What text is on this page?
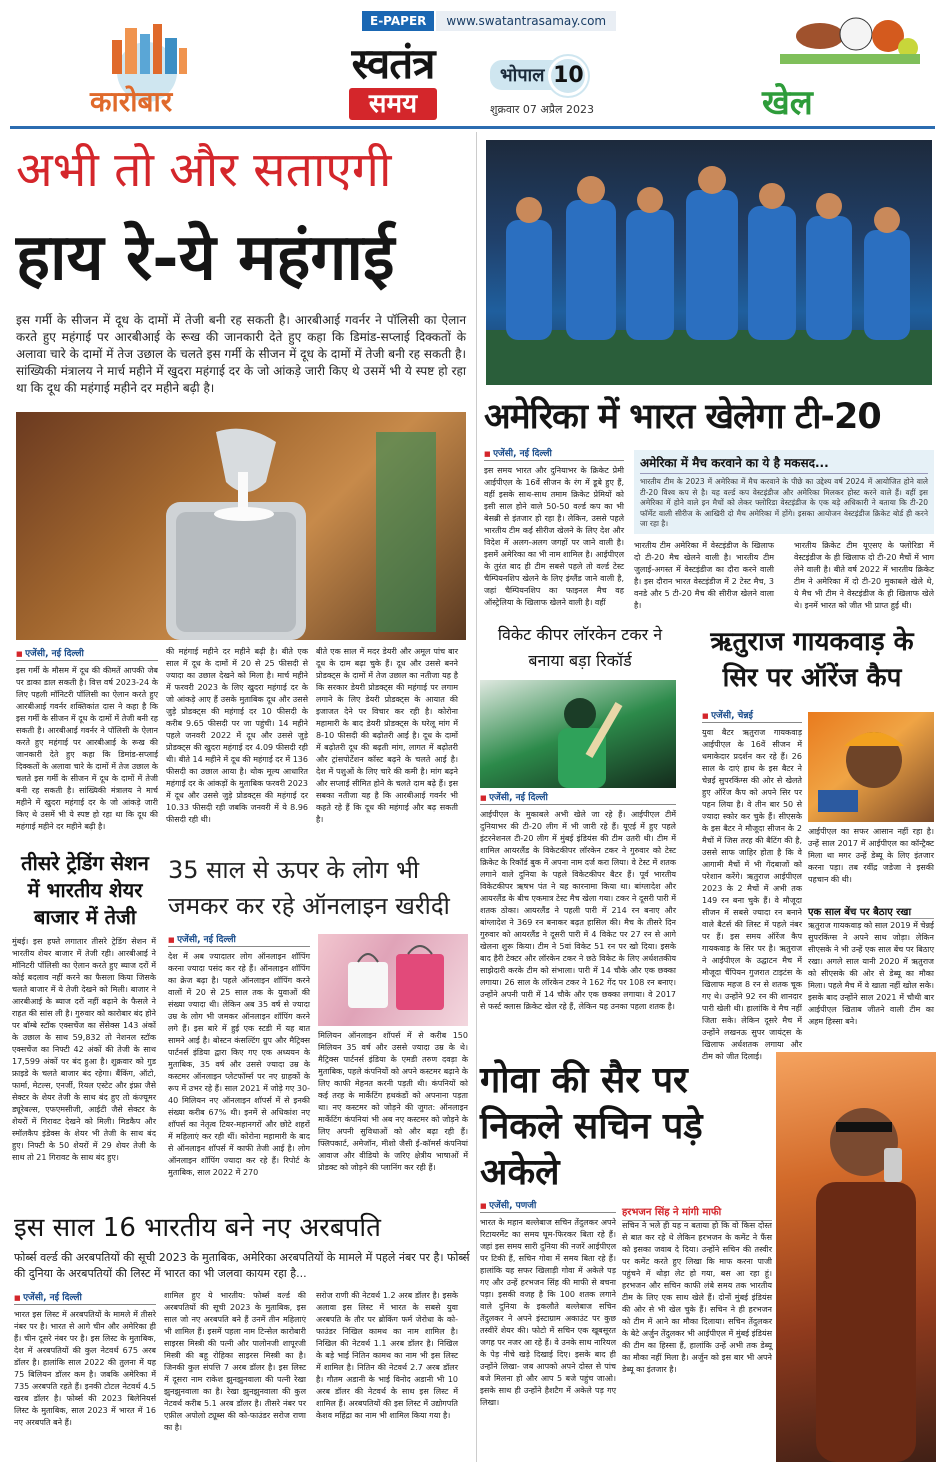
कारोबार
E-PAPER	www.swatantrasamay.com
स्वतंत्र
समय
भोपाल 10
शुक्रवार 07 अप्रैल 2023	खेल
अभी तो और सताएगी
हाय रे-ये महंगाई
इस गर्मी के सीजन में दूध के दामों में तेजी बनी रह सकती है। आरबीआई गवर्नर ने पॉलिसी का ऐलान करते हुए महंगाई पर आरबीआई के रूख की जानकारी देते हुए कहा कि डिमांड-सप्लाई दिक्कतों के अलावा चारे के दामों में तेज उछाल के चलते इस गर्मी के सीजन में दूध के दामों में तेजी बनी रह सकती है। सांख्यिकी मंत्रालय ने मार्च महीने में खुदरा महंगाई दर के जो आंकड़े जारी किए थे उसमें भी ये स्पष्ट हो रहा था कि दूध की महंगाई महीने दर महीने बढ़ी है।
■ एजेंसी, नई दिल्ली
इस गर्मी के मौसम में दूध की कीमतें आपकी जेब पर डाका डाल सकती है। वित्त वर्ष 2023-24 के लिए पहली मॉनिटरी पॉलिसी का ऐलान करते हुए आरबीआई गवर्नर शक्तिकांत दास ने कहा है कि इस गर्मी के सीजन में दूध के दामों में तेजी बनी रह सकती है। आरबीआई गवर्नर ने पॉलिसी के ऐलान करते हुए महंगाई पर आरबीआई के रूख की जानकारी देते हुए कहा कि डिमांड-सप्लाई दिक्कतों के अलावा चारे के दामों में तेज उछाल के चलते इस गर्मी के सीजन में दूध के दामों में तेजी बनी रह सकती है। सांख्यिकी मंत्रालय ने मार्च महीने में खुदरा महंगाई दर के जो आंकड़े जारी किए थे उसमें भी ये स्पष्ट हो रहा था कि दूध की महंगाई महीने दर महीने बढ़ी है।
की महंगाई महीने दर महीने बढ़ी है। बीते एक साल में दूध के दामों में 20 से 25 फीसदी से ज्यादा का उछाल देखने को मिला है। मार्च महीने में फरवरी 2023 के लिए खुदरा महंगाई दर के जो आंकड़े आए हैं उसके मुताबिक दूध और उससे जुड़े प्रोडक्ट्स की महंगाई दर 10 फीसदी के करीब 9.65 फीसदी पर जा पहुंची। 14 महीने पहले जनवरी 2022 में दूध और उससे जुड़े प्रोडक्ट्स की खुदरा महंगाई दर 4.09 फीसदी रही थी। बीते 14 महीने में दूध की महंगाई दर में 136 फीसदी का उछाल आया है। थोक मूल्य आधारित महंगाई दर के आंकड़ों के मुताबिक फरवरी 2023 में दूध और उससे जुड़े प्रोडक्ट्स की महंगाई दर 10.33 फीसदी रही जबकि जनवरी में ये 8.96 फीसदी रही थी।
बीते एक साल में मदर डेयरी और अमूल पांच बार दूध के दाम बढ़ा चुके हैं। दूध और उससे बनने प्रोडक्ट्स के दामों में तेज उछाल का नतीजा यह है कि सरकार डेयरी प्रोडक्ट्स की महंगाई पर लगाम लगाने के लिए डेयरी प्रोडक्ट्स के आयात की इजाजत देने पर विचार कर रही है। कोरोना महामारी के बाद डेयरी प्रोडक्ट्स के घरेलू मांग में 8-10 फीसदी की बढ़ोतरी आई है। दूध के दामों में बढ़ोतरी दूध की बढ़ती मांग, लागत में बढ़ोतरी और ट्रांसपोर्टेशन कॉस्ट बढ़ने के चलते आई है। देश में पशुओं के लिए चारे की कमी है। मांग बढ़ने और सप्लाई सीमित होने के चलते दाम बढ़े हैं। इस सबका नतीजा यह है कि आरबीआई गवर्नर भी कहते रहे हैं कि दूध की महंगाई और बढ़ सकती है।
तीसरे ट्रेडिंग सेशन में भारतीय शेयर बाजार में तेजी
मुंबई। इस हफ्ते लगातार तीसरे ट्रेडिंग सेशन में भारतीय शेयर बाजार में तेजी रही। आरबीआई ने मॉनिटरी पॉलिसी का ऐलान करते हुए ब्याज दरों में कोई बदलाव नहीं करने का फैसला किया जिसके चलते बाजार में ये तेजी देखने को मिली। बाजार ने आरबीआई के ब्याज दरों नहीं बढ़ाने के फैसले ने राहत की सांस ली है। गुरुवार को कारोबार बंद होने पर बॉम्बे स्टॉक एक्सचेंज का सेंसेक्स 143 अंकों के उछाल के साथ 59,832 तो नेशनल स्टॉक एक्सचेंज का निफ्टी 42 अंकों की तेजी के साथ 17,599 अंकों पर बंद हुआ है। शुक्रवार को गुड फ्राइडे के चलते बाजार बंद रहेगा। बैंकिंग, ऑटो, फार्मा, मेटल्स, एनर्जी, रियल एस्टेट और इंफ्रा जैसे सेक्टर के शेयर तेजी के साथ बंद हुए तो कंज्यूमर ड्यूरेबल्स, एफएमसीजी, आईटी जैसे सेक्टर के शेयरों में गिरावट देखने को मिली। मिडकैप और स्मॉलकैप इंडेक्स के शेयर भी तेजी के साथ बंद हुए। निफ्टी के 50 शेयरों में 29 शेयर तेजी के साथ तो 21 गिरावट के साथ बंद हुए।
35 साल से ऊपर के लोग भी जमकर कर रहे ऑनलाइन खरीदी
■ एजेंसी, नई दिल्ली
देश में अब ज्यादातर लोग ऑनलाइन शॉपिंग करना ज्यादा पसंद कर रहे हैं। ऑनलाइन शॉपिंग का क्रेज बढ़ा है। पहले ऑनलाइन शॉपिंग करने वालों में 20 से 25 साल तक के युवाओं की संख्या ज्यादा थी। लेकिन अब 35 वर्ष से ज्यादा उम्र के लोग भी जमकर ऑनलाइन शॉपिंग करने लगे हैं। इस बारे में हुई एक स्टडी में यह बात सामने आई है। बोस्टन कंसल्टिंग ग्रुप और मैट्रिक्स पार्टनर्स इंडिया द्वारा किए गए एक अध्ययन के मुताबिक, 35 वर्ष और उससे ज्यादा उम्र के कस्टमर ऑनलाइन प्लेटफॉर्म्स पर नए ग्राहकों के रूप में उभर रहे हैं। साल 2021 में जोड़े गए 30-40 मिलियन नए ऑनलाइन शॉपर्स में से इनकी संख्या करीब 67% थी। इनमें से अधिकांश नए शॉपर्स का नेतृत्व टियर-महानगरों और छोटे शहरों में महिलाएं कर रही थीं। कोरोना महामारी के बाद से ऑनलाइन शॉपर्स में काफी तेजी आई है। लोग ऑनलाइन शॉपिंग ज्यादा कर रहे हैं। रिपोर्ट के मुताबिक, साल 2022 में 270
मिलियन ऑनलाइन शॉपर्स में से करीब 150 मिलियन 35 वर्ष और उससे ज्यादा उम्र के थे। मैट्रिक्स पार्टनर्स इंडिया के एमडी तरुण दवड़ा के मुताबिक, पहले कंपनियों को अपने कस्टमर बढ़ाने के लिए काफी मेहनत करनी पड़ती थी। कंपनियों को कई तरह के मार्केटिंग हथकंडों को अपनाना पड़ता था। नए कस्टमर को जोड़ने की जुगत: ऑनलाइन मार्केटिंग कंपनियां भी अब नए कस्टमर को जोड़ने के लिए अपनी सुविधाओं को और बढ़ा रही हैं। फ्लिपकार्ट, अमेजॉन, मीशो जैसी ई-कॉमर्स कंपनियां आवाज और वीडियो के जरिए क्षेत्रीय भाषाओं में प्रोडक्ट को जोड़ने की प्लानिंग कर रही हैं।
इस साल 16 भारतीय बने नए अरबपति
फोर्ब्स वर्ल्ड की अरबपतियों की सूची 2023 के मुताबिक, अमेरिका अरबपतियों के मामले में पहले नंबर पर है। फोर्ब्स की दुनिया के अरबपतियों की लिस्ट में भारत का भी जलवा कायम रहा है...
■ एजेंसी, नई दिल्ली
भारत इस लिस्ट में अरबपतियों के मामले में तीसरे नंबर पर है। भारत से आगे चीन और अमेरिका ही हैं। चीन दूसरे नंबर पर है। इस लिस्ट के मुताबिक, देश में अरबपतियों की कुल नेटवर्थ 675 अरब डॉलर है। हालांकि साल 2022 की तुलना में यह 75 बिलियन डॉलर कम है। जबकि अमेरिका में 735 अरबपति रहते हैं। इनकी टोटल नेटवर्थ 4.5 खरब डॉलर है। फोर्ब्स की 2023 बिलेनियर्स लिस्ट के मुताबिक, साल 2023 में भारत में 16 नए अरबपति बने हैं।
शामिल हुए ये भारतीय: फोर्ब्स वर्ल्ड की अरबपतियों की सूची 2023 के मुताबिक, इस साल जो नए अरबपति बने हैं उनमें तीन महिलाएं भी शामिल हैं। इसमें पहला नाम टिन्सेल कारोबारी साइरस मिस्त्री की पत्नी और पालोनजी शापूरजी मिस्त्री की बहू रोहिका साइरस मिस्त्री का है। जिनकी कुल संपत्ति 7 अरब डॉलर है। इस लिस्ट में दूसरा नाम राकेश झुनझुनवाला की पत्नी रेखा झुनझुनवाला का है। रेखा झुनझुनवाला की कुल नेटवर्थ करीब 5.1 अरब डॉलर है। तीसरे नंबर पर एफ़ील अपोलो ट्यूब्स की को-फाउंडर सरोज राणा का है।
सरोज राणी की नेटवर्थ 1.2 अरब डॉलर है। इसके अलावा इस लिस्ट में भारत के सबसे युवा अरबपति के तौर पर ब्रोकिंग फर्म जेरोधा के को-फाउंडर निखिल कामथ का नाम शामिल है। निखिल की नेटवर्थ 1.1 अरब डॉलर है। निखिल के बड़े भाई नितिन कामथ का नाम भी इस लिस्ट में शामिल है। नितिन की नेटवर्थ 2.7 अरब डॉलर है। गौतम अडानी के भाई विनोद अडानी भी 10 अरब डॉलर की नेटवर्थ के साथ इस लिस्ट में शामिल हैं। अरबपतियों की इस लिस्ट में उद्योगपति केशव महिंद्रा का नाम भी शामिल किया गया है।
अमेरिका में भारत खेलेगा टी-20
■ एजेंसी, नई दिल्ली
इस समय भारत और दुनियाभर के क्रिकेट प्रेमी आईपीएल के 16वें सीजन के रंग में डूबे हुए हैं, वहीं इसके साथ-साथ तमाम क्रिकेट प्रेमियों को इसी साल होने वाले 50-50 वर्ल्ड कप का भी बेसब्री से इंतजार हो रहा है। लेकिन, उससे पहले भारतीय टीम कई सीरीज खेलने के लिए देश और विदेश में अलग-अलग जगहों पर जाने वाली है। इसमें अमेरिका का भी नाम शामिल है। आईपीएल के तुरंत बाद ही टीम सबसे पहले तो वर्ल्ड टेस्ट चैम्पियनशिप खेलने के लिए इंग्लैंड जाने वाली है, जहां चैम्पियनशिप का फाइनल मैच वह ऑस्ट्रेलिया के खिलाफ खेलने वाली है। वहीं
अमेरिका में मैच करवाने का ये है मकसद...
भारतीय टीम के 2023 में अमेरिका में मैच करवाने के पीछे का उद्देश्य वर्ष 2024 में आयोजित होने वाले टी-20 विश्व कप से है। यह वर्ल्ड कप वेस्टइंडीज और अमेरिका मिलकर होस्ट करने वाले हैं। वहीं इस अमेरिका में होने वाले इन मैचों को लेकर फ्लोरिडा वेस्टइंडीज के एक बड़े अधिकारी ने बताया कि टी-20 फॉर्मेट वाली सीरीज के आखिरी दो मैच अमेरिका में होंगे। इसका आयोजन वेस्टइंडीज क्रिकेट बोर्ड ही करने जा रहा है।
भारतीय टीम अमेरिका में वेस्टइंडीज के खिलाफ दो टी-20 मैच खेलने वाली है। भारतीय टीम जुलाई-अगस्त में वेस्टइंडीज का दौरा करने वाली है। इस दौरान भारत वेस्टइंडीज में 2 टेस्ट मैच, 3 वनडे और 5 टी-20 मैच की सीरीज खेलने वाला है।
भारतीय क्रिकेट टीम यूएसए के फ्लोरिडा में वेस्टइंडीज के ही खिलाफ दो टी-20 मैचों में भाग लेने वाली है। बीते वर्ष 2022 में भारतीय क्रिकेट टीम ने अमेरिका में दो टी-20 मुकाबले खेले थे, ये मैच भी टीम ने वेस्टइंडीज के ही खिलाफ खेले थे। इनमें भारत को जीत भी प्राप्त हुई थी।
विकेट कीपर लॉरकेन टकर ने बनाया बड़ा रिकॉर्ड
■ एजेंसी, नई दिल्ली
आईपीएल के मुकाबले अभी खेले जा रहे हैं। आईपीएल टीमें दुनियाभर की टी-20 लीग में भी जारी रहे हैं। यूएई में हुए पहले इंटरनेशनल टी-20 लीग में मुंबई इंडियंस की टीम उतरी थी। टीम में शामिल आयरलैंड के विकेटकीपर लॉरकेन टकर ने गुरुवार को टेस्ट क्रिकेट के रिकॉर्ड बुक में अपना नाम दर्ज करा लिया। वे टेस्ट में शतक लगाने वाले दुनिया के पहले विकेटकीपर बैटर हैं। पूर्व भारतीय विकेटकीपर ऋषभ पंत ने यह कारनामा किया था। बांग्लादेश और आयरलैंड के बीच एकमात्र टेस्ट मैच खेला गया। टकर ने दूसरी पारी में शतक ठोका। आयरलैंड ने पहली पारी में 214 रन बनाए और बांग्लादेश ने 369 रन बनाकर बढ़त हासिल की। मैच के तीसरे दिन गुरुवार को आयरलैंड ने दूसरी पारी में 4 विकेट पर 27 रन से आगे खेलना शुरू किया। टीम ने 5वां विकेट 51 रन पर खो दिया। इसके बाद हैरी टेक्टर और लॉरकेन टकर ने छठे विकेट के लिए अर्धशतकीय साझेदारी करके टीम को संभाला। पारी में 14 चौके और एक छक्का लगाया। 26 साल के लॉरकेन टकर ने 162 गेंद पर 108 रन बनाए। उन्होंने अपनी पारी में 14 चौके और एक छक्का लगाया। वे 2017 से फर्स्ट क्लास क्रिकेट खेल रहे हैं, लेकिन यह उनका पहला शतक है।
ऋतुराज गायकवाड़ के सिर पर ऑरेंज कैप
■ एजेंसी, चेन्नई
युवा बैटर ऋतुराज गायकवाड़ आईपीएल के 16वें सीजन में धमाकेदार प्रदर्शन कर रहे हैं। 26 साल के दाएं हाथ के इस बैटर ने चेन्नई सुपरकिंग्स की ओर से खेलते हुए ऑरेंज कैप को अपने सिर पर पहन लिया है। वे तीन बार 50 से ज्यादा स्कोर कर चुके हैं। सीएसके के इस बैटर ने मौजूदा सीजन के 2 मैचों में जिस तरह की बैटिंग की है, उससे साफ जाहिर होता है कि वे आगामी मैचों में भी गेंदबाजों को परेशान करेंगे। ऋतुराज आईपीएल 2023 के 2 मैचों में अभी तक 149 रन बना चुके हैं। वे मौजूदा सीजन में सबसे ज्यादा रन बनाने वाले बैटर्स की लिस्ट में पहले नंबर पर हैं। इस समय ऑरेंज कैप गायकवाड़ के सिर पर है। ऋतुराज ने आईपीएल के उद्घाटन मैच में मौजूदा चैंपियन गुजरात टाइटंस के खिलाफ महज 8 रन से शतक चूक गए थे। उन्होंने 92 रन की शानदार पारी खेली थी। हालांकि वे मैच नहीं जिता सके। लेकिन दूसरे मैच में उन्होंने लखनऊ सुपर जायंट्स के खिलाफ अर्धशतक लगाया और टीम को जीत दिलाई।
आईपीएल का सफर आसान नहीं रहा है। उन्हें साल 2017 में आईपीएल का कॉन्ट्रैक्ट मिला था मगर उन्हें डेब्यू के लिए इंतजार करना पड़ा। तब रवींद्र जडेजा ने इसकी पहचान की थी।
एक साल बेंच पर बैठाए रखा
ऋतुराज गायकवाड़ को साल 2019 में चेन्नई सुपरकिंग्स ने अपने साथ जोड़ा। लेकिन सीएसके ने भी उन्हें एक साल बेंच पर बिठाए रखा। अगले साल यानी 2020 में ऋतुराज को सीएसके की ओर से डेब्यू का मौका मिला। पहले मैच में वे खाता नहीं खोल सके। इसके बाद उन्होंने साल 2021 में चौथी बार आईपीएल खिताब जीतने वाली टीम का अहम हिस्सा बने।
गोवा की सैर पर निकले सचिन पड़े अकेले
■ एजेंसी, पणजी
भारत के महान बल्लेबाज सचिन तेंदुलकर अपने रिटायरमेंट का समय घूम-फिरकर बिता रहे हैं। जहां इस समय सारी दुनिया की नजरें आईपीएल पर टिकी हैं, सचिन गोवा में समय बिता रहे हैं। हालांकि यह सफर खिलाड़ी गोवा में अकेले पड़ गए और उन्हें हरभजन सिंह की माफी से बचना पड़ा। इसकी वजह है कि 100 शतक लगाने वाले दुनिया के इकलौते बल्लेबाज सचिन तेंदुलकर ने अपने इंस्टाग्राम अकाउंट पर कुछ तस्वीरें शेयर की। फोटो में सचिन एक खूबसूरत जगह पर नजर आ रहे हैं। वे उनके साथ नारियल के पेड़ नीचे खड़े दिखाई दिए। इसके बाद ही उन्होंने लिखा- जब आपको अपने दोस्त से पांच बजे मिलना हो और आप 5 बजे पहुंच जाओ। इसके साथ ही उन्होंने हैशटैग में अकेले पड़ गए लिखा।
हरभजन सिंह ने मांगी माफी
सचिन ने भले ही यह न बताया हो कि वो किस दोस्त से बात कर रहे थे लेकिन हरभजन के कमेंट ने फैंस को इसका जवाब दे दिया। उन्होंने सचिन की तस्वीर पर कमेंट करते हुए लिखा कि माफ करना पाजी पहुंचने में थोड़ा लेट हो गया, बस आ रहा हूं। हरभजन और सचिन काफी लंबे समय तक भारतीय टीम के लिए एक साथ खेले हैं। दोनों मुंबई इंडियंस की ओर से भी खेल चुके हैं। सचिन ने ही हरभजन को टीम में आने का मौका दिलाया। सचिन तेंदुलकर के बेटे अर्जुन तेंदुलकर भी आईपीएल में मुंबई इंडियंस की टीम का हिस्सा हैं, हालांकि उन्हें अभी तक डेब्यू का मौका नहीं मिला है। अर्जुन को इस बार भी अपने डेब्यू का इंतजार है।
